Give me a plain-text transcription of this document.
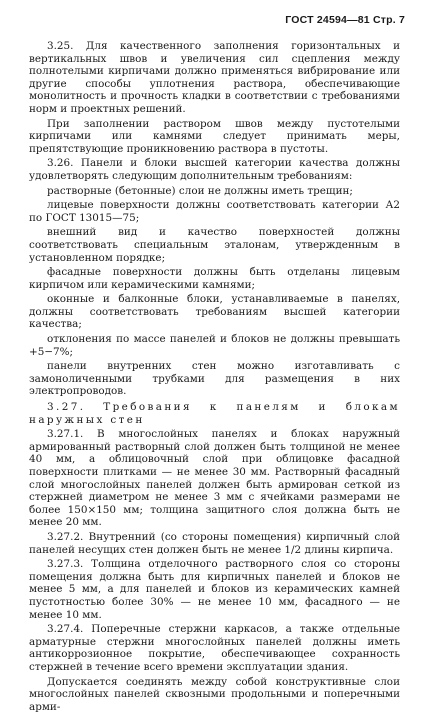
ГОСТ 24594—81 Стр. 7

3.25. Для качественного заполнения горизонтальных и вертикальных швов и увеличения сил сцепления между полнотелыми кирпичами должно применяться вибрирование или другие способы уплотнения раствора, обеспечивающие монолитность и прочность кладки в соответствии с требованиями норм и проектных решений.

При заполнении раствором швов между пустотелыми кирпичами или камнями следует принимать меры, препятствующие проникновению раствора в пустоты.

3.26. Панели и блоки высшей категории качества должны удовлетворять следующим дополнительным требованиям:

растворные (бетонные) слои не должны иметь трещин;

лицевые поверхности должны соответствовать категории А2 по ГОСТ 13015—75;

внешний вид и качество поверхностей должны соответствовать специальным эталонам, утвержденным в установленном порядке;

фасадные поверхности должны быть отделаны лицевым кирпичом или керамическими камнями;

оконные и балконные блоки, устанавливаемые в панелях, должны соответствовать требованиям высшей категории качества;

отклонения по массе панелей и блоков не должны превышать +5−7%;

панели внутренних стен можно изготавливать с замоноличенными трубками для размещения в них электропроводов.

3.27. Требования к панелям и блокам наружных стен

3.27.1. В многослойных панелях и блоках наружный армированный растворный слой должен быть толщиной не менее 40 мм, а облицовочный слой при облицовке фасадной поверхности плитками — не менее 30 мм. Растворный фасадный слой многослойных панелей должен быть армирован сеткой из стержней диаметром не менее 3 мм с ячейками размерами не более 150×150 мм; толщина защитного слоя должна быть не менее 20 мм.

3.27.2. Внутренний (со стороны помещения) кирпичный слой панелей несущих стен должен быть не менее 1/2 длины кирпича.

3.27.3. Толщина отделочного растворного слоя со стороны помещения должна быть для кирпичных панелей и блоков не менее 5 мм, а для панелей и блоков из керамических камней пустотностью более 30% — не менее 10 мм, фасадного — не менее 10 мм.

3.27.4. Поперечные стержни каркасов, а также отдельные арматурные стержни многослойных панелей должны иметь антикоррозионное покрытие, обеспечивающее сохранность стержней в течение всего времени эксплуатации здания.

Допускается соединять между собой конструктивные слои многослойных панелей сквозными продольными и поперечными арми-
